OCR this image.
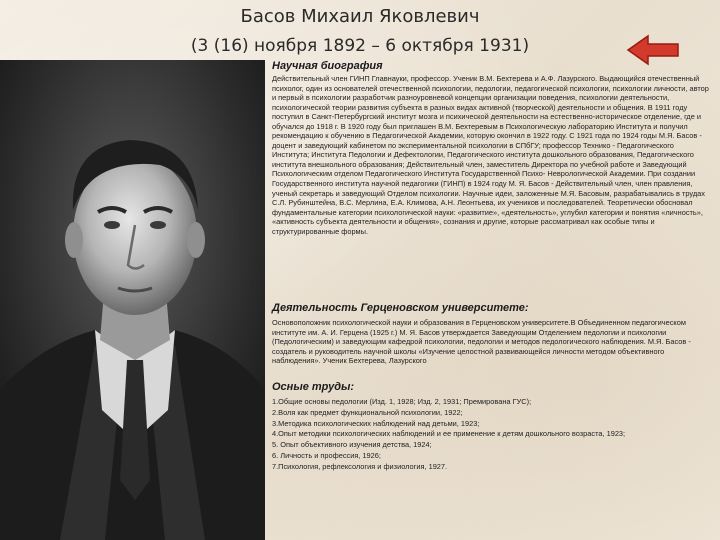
Басов Михаил Яковлевич
(3 (16) ноября 1892 – 6 октября 1931)
Научная биография

Действительный член ГИНП Главнауки, профессор. Ученик В.М. Бехтерева и А.Ф. Лазурского. Выдающийся отечественный психолог, один из основателей отечественной психологии, педологии, педагогической психологии, психологии личности, автор и первый в психологии разработчик разноуровневой концепции организации поведения, психологии деятельности, психологической теории развития субъекта в разных видах активной (творческой) деятельности и общения. В 1911 году поступил в Санкт-Петербургский институт мозга и психической деятельности на естественно-историческое отделение, где и обучался до 1918 г. В 1920 году был приглашен В.М. Бехтеревым в Психологическую лабораторию Института и получил рекомендацию к обучению в Педагогической Академии, которую окончил в 1922 году. С 1921 года по 1924 годы М.Я. Басов - доцент и заведующий кабинетом по экспериментальной психологии в СПбГУ; профессор Технико - Педагогического Института; Института Педологии и Дефектологии, Педагогического института дошкольного образования, Педагогического института внешкольного образования; Действительный член, заместитель Директора по учебной работе и Заведующий Психологическим отделом Педагогического Института Государственной Психо- Неврологической Академии. При создании Государственного института научной педагогики (ГИНП) в 1924 году М. Я. Басов - Действительный член, член правления, ученый секретарь и заведующий Отделом психологии. Научные идеи, заложенные М.Я. Басовым, разрабатывались в трудах С.Л. Рубинштейна, В.С. Мерлина, Е.А. Климова, А.Н. Леонтьева, их учеников и последователей. Теоретически обосновал фундаментальные категории психологической науки: «развитие», «деятельность», углубил категории и понятия «личность», «активность субъекта деятельности и общения», сознания и другие, которые рассматривал как особые типы и структурированные формы.

Деятельность Герценовском университете:

Основоположник психологической науки и образования в Герценовском университете.В Объединенном педагогическом институте им. А. И. Герцена (1925 г.) М. Я. Басов утверждается Заведующим Отделением педологии и психологии (Педологическим) и заведующим кафедрой психологии, педологии и методов педологического наблюдения. М.Я. Басов - создатель и руководитель научной школы «Изучение целостной развивающейся личности методом объективного наблюдения». Ученик Бехтерева, Лазурского

Осные труды:
1.Общие основы педологии (Изд. 1, 1928; Изд. 2, 1931; Премирована ГУС);
2.Воля как предмет функциональной психологии, 1922;
3.Методика психологических наблюдений над детьми, 1923;
4.Опыт методики психологических наблюдений и ее применение к детям дошкольного возраста, 1923;
5. Опыт объективного изучения детства, 1924;
6. Личность и профессия, 1926;
7.Психология, рефлексология и физиология, 1927.
